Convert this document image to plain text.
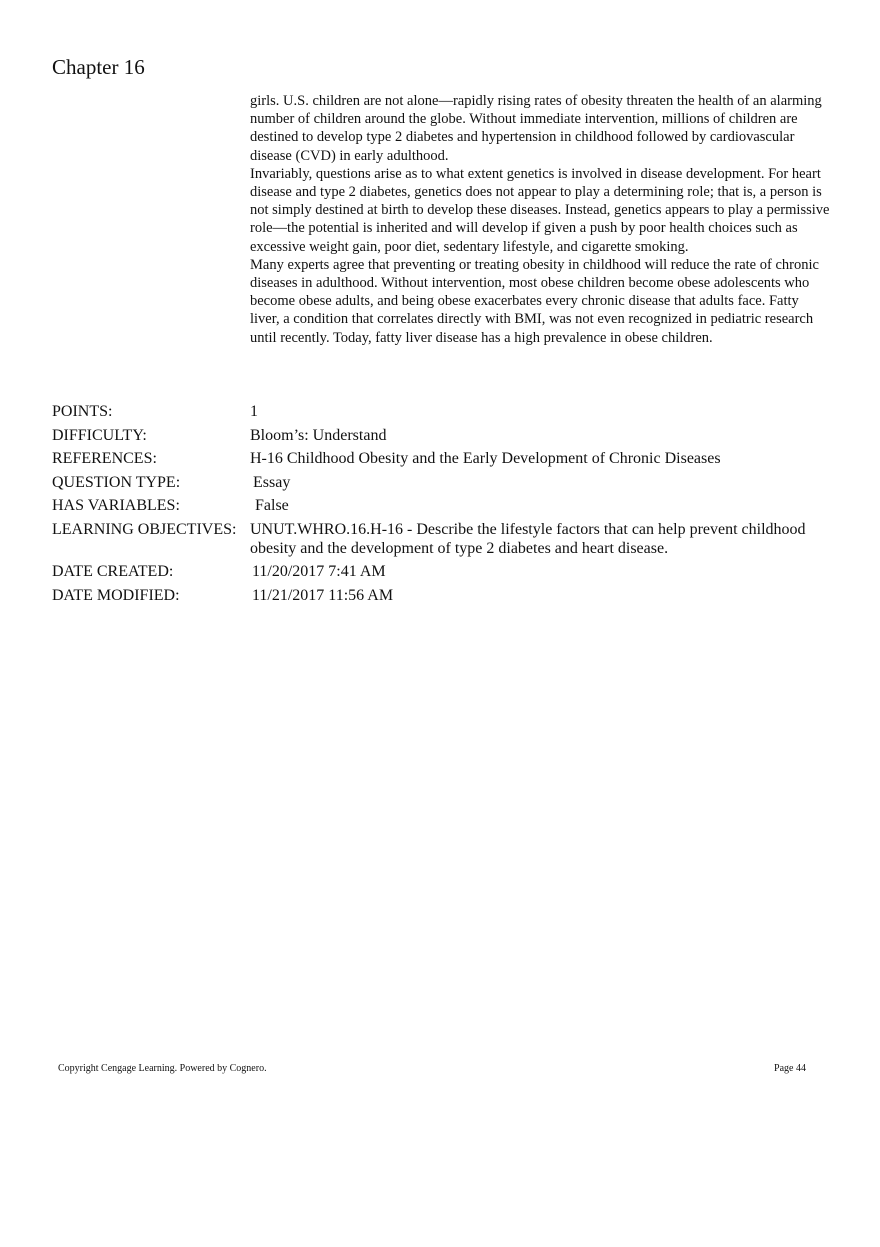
Chapter 16

girls. U.S. children are not alone—rapidly rising rates of obesity threaten the health of an alarming number of children around the globe. Without immediate intervention, millions of children are destined to develop type 2 diabetes and hypertension in childhood followed by cardiovascular disease (CVD) in early adulthood.

Invariably, questions arise as to what extent genetics is involved in disease development. For heart disease and type 2 diabetes, genetics does not appear to play a determining role; that is, a person is not simply destined at birth to develop these diseases. Instead, genetics appears to play a permissive role—the potential is inherited and will develop if given a push by poor health choices such as excessive weight gain, poor diet, sedentary lifestyle, and cigarette smoking.

Many experts agree that preventing or treating obesity in childhood will reduce the rate of chronic diseases in adulthood. Without intervention, most obese children become obese adolescents who become obese adults, and being obese exacerbates every chronic disease that adults face. Fatty liver, a condition that correlates directly with BMI, was not even recognized in pediatric research until recently. Today, fatty liver disease has a high prevalence in obese children.

POINTS:	1
DIFFICULTY:	Bloom’s: Understand
REFERENCES:	H-16 Childhood Obesity and the Early Development of Chronic Diseases
QUESTION TYPE:	Essay
HAS VARIABLES:	False
LEARNING OBJECTIVES: UNUT.WHRO.16.H-16 - Describe the lifestyle factors that can help prevent childhood obesity and the development of type 2 diabetes and heart disease.
DATE CREATED:	11/20/2017 7:41 AM
DATE MODIFIED:	11/21/2017 11:56 AM
Copyright Cengage Learning. Powered by Cognero.	Page 44
